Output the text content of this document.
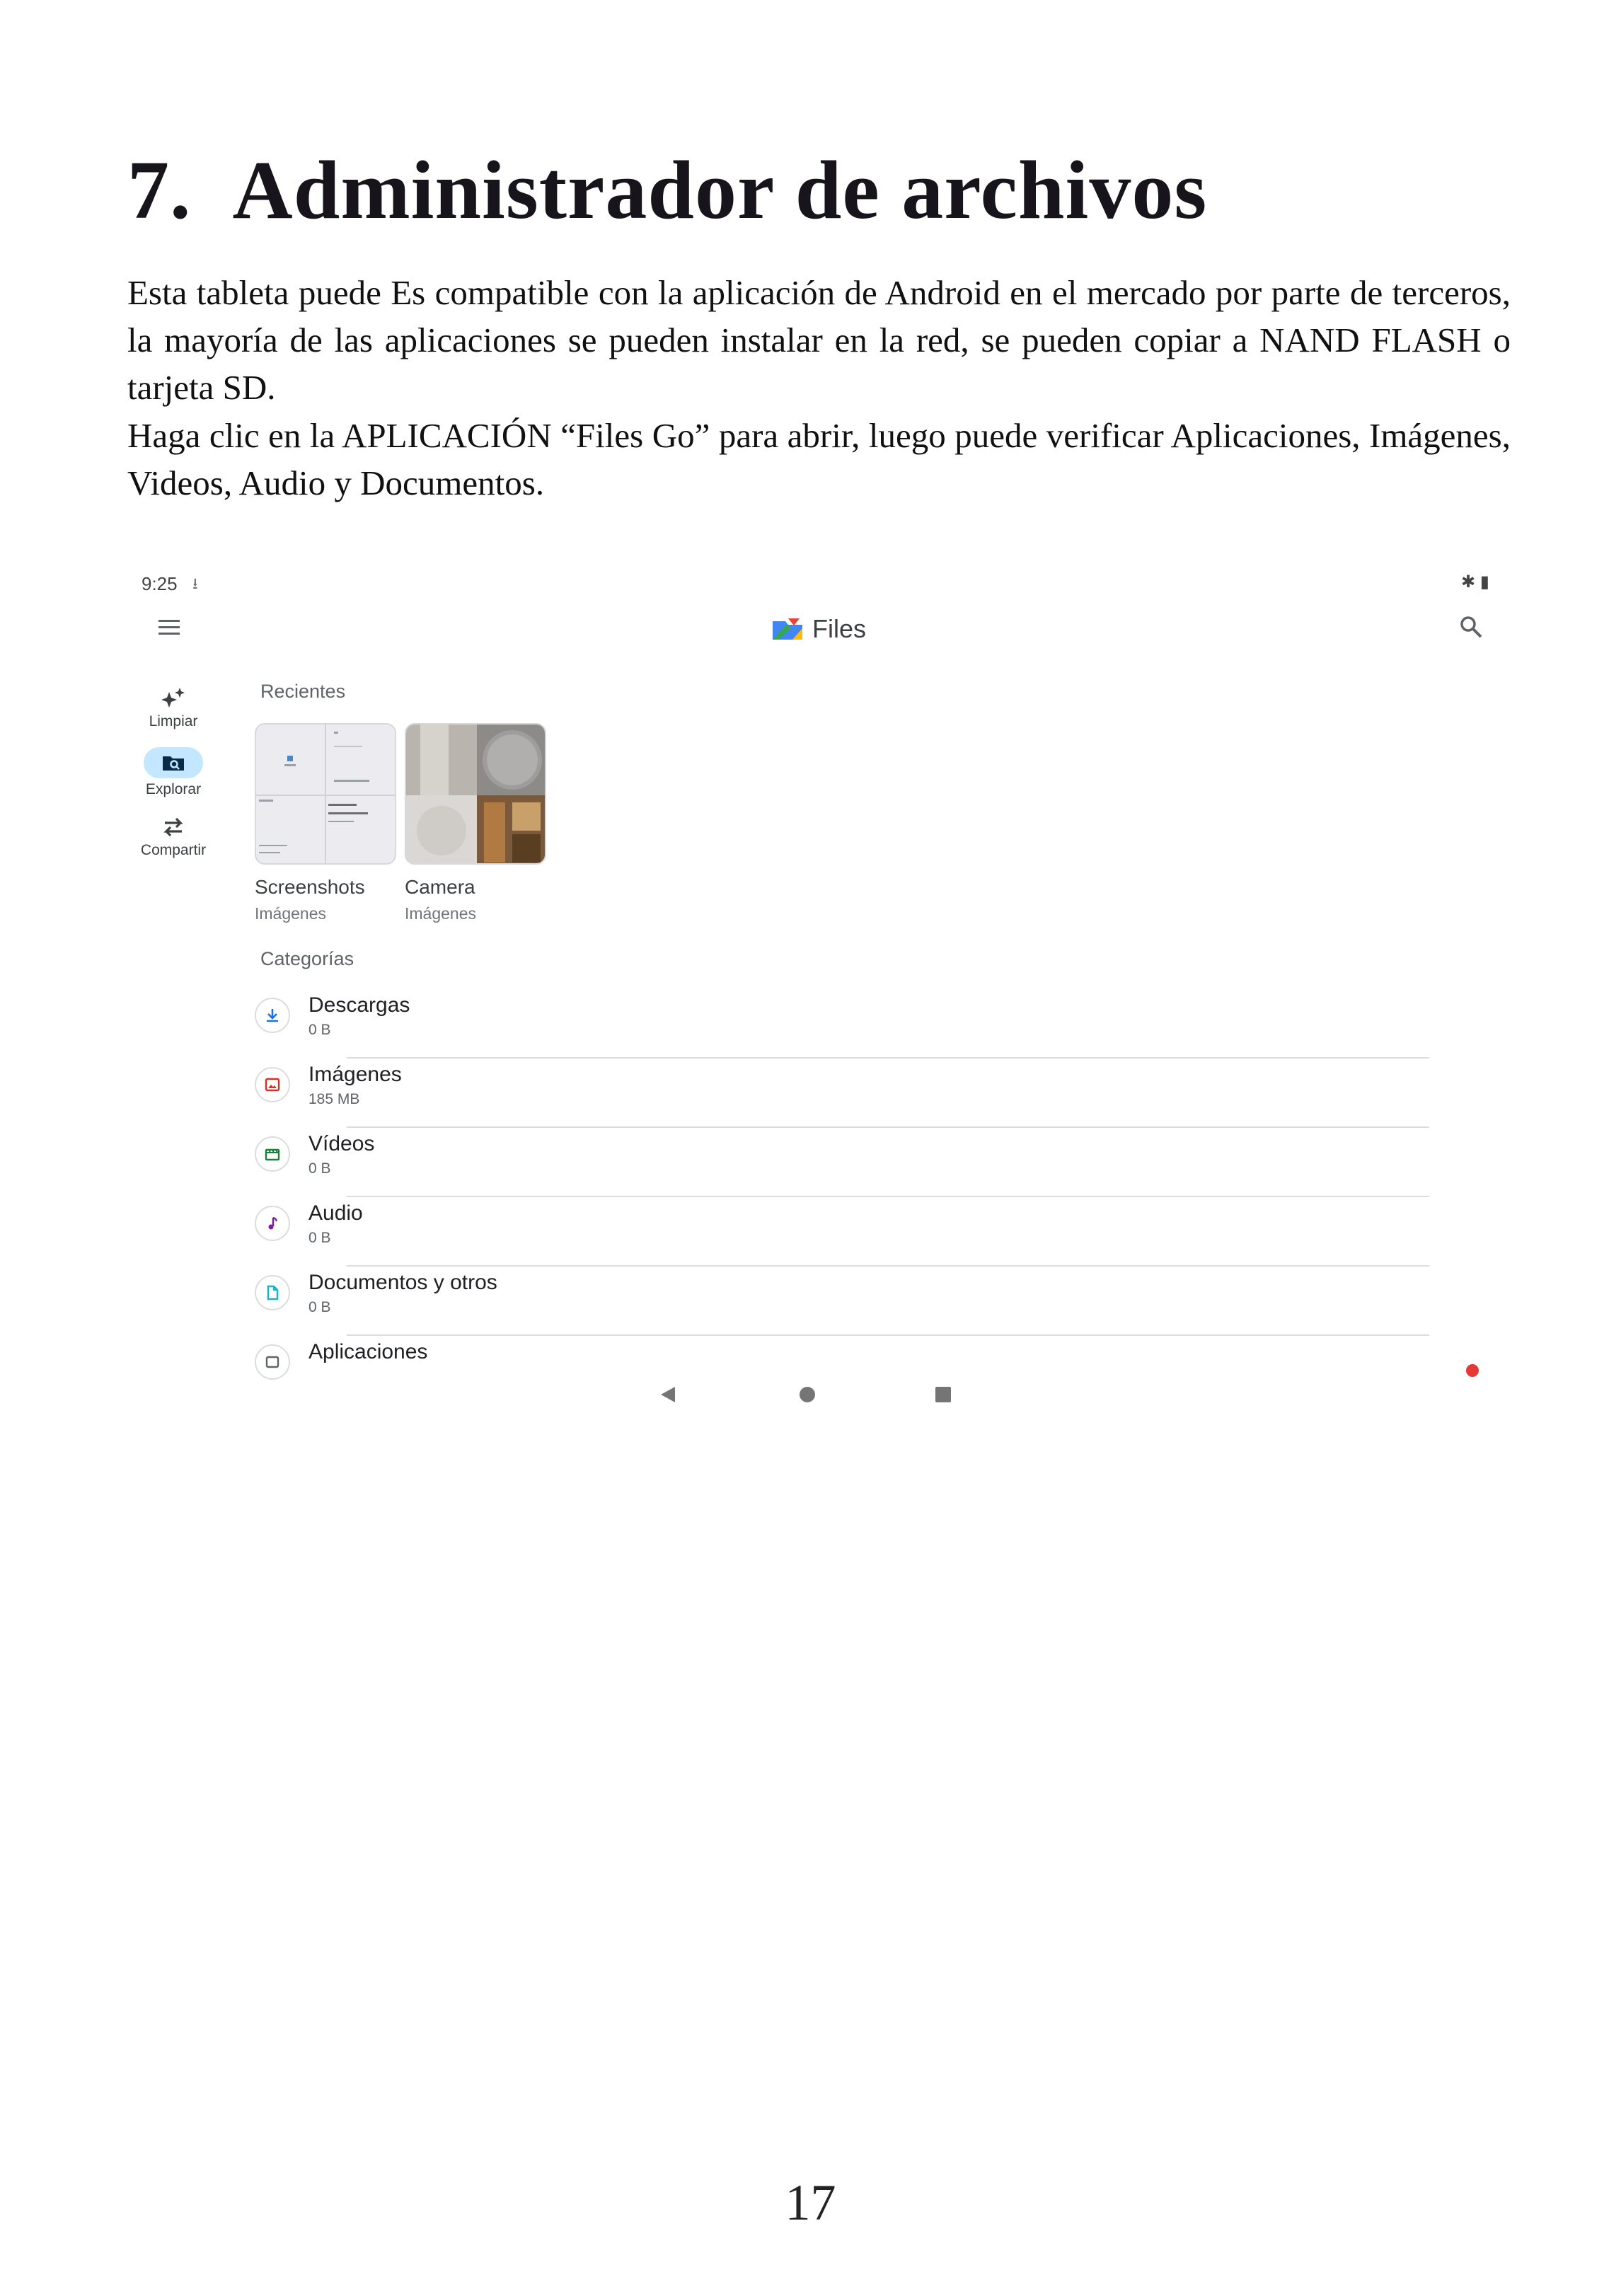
7. Administrador de archivos

Esta tableta puede Es compatible con la aplicación de Android en el mercado por parte de terceros, la mayoría de las aplicaciones se pueden instalar en la red, se pueden copiar a NAND FLASH o tarjeta SD.

Haga clic en la APLICACIÓN “Files Go” para abrir, luego puede verificar Aplicaciones, Imágenes, Videos, Audio y Documentos.

9:25 ⭳	✱ ▮
Files
Limpiar
Explorar
Compartir
Recientes
Screenshots
Imágenes
Camera
Imágenes
Categorías
Descargas
0 B
Imágenes
185 MB
Vídeos
0 B
Audio
0 B
Documentos y otros
0 B
Aplicaciones
17
